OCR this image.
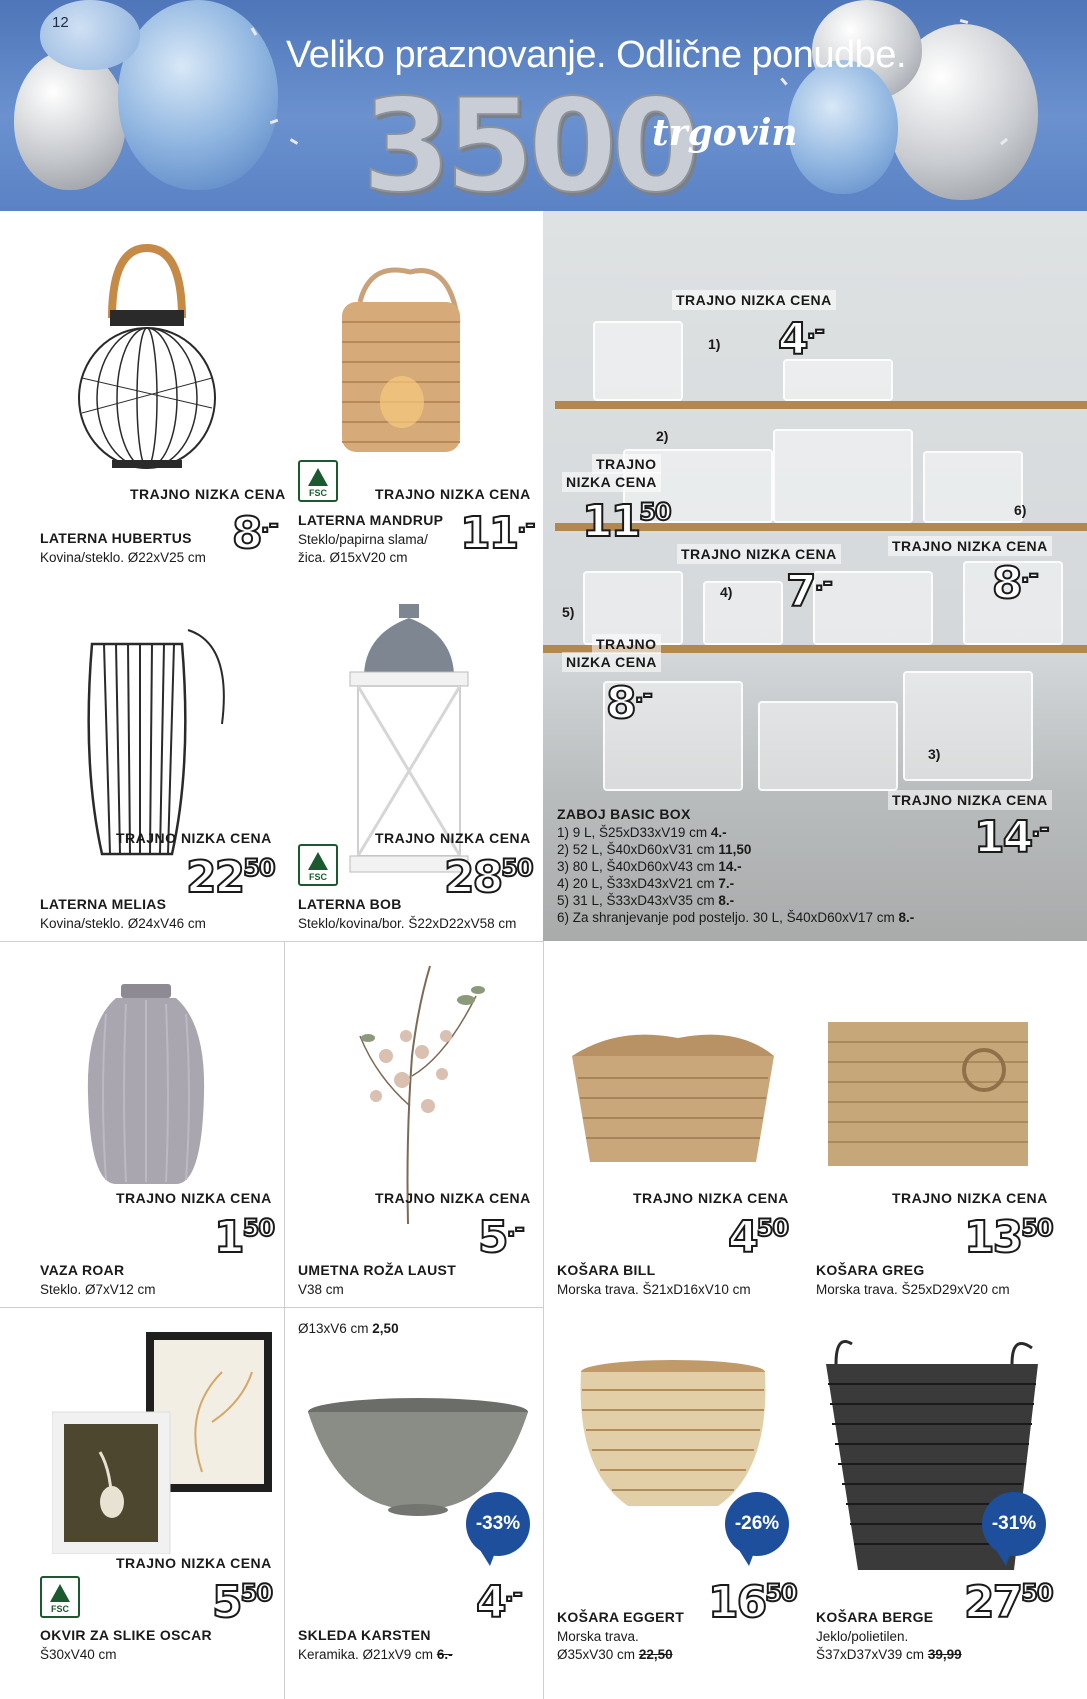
12
Veliko praznovanje. Odlične ponudbe.
3500
trgovin
TRAJNO NIZKA CENA
LATERNA HUBERTUS
Kovina/steklo. Ø22xV25 cm 8.-
FSC	TRAJNO NIZKA CENA
LATERNA MANDRUP
Steklo/papirna slama/
žica. Ø15xV20 cm 11.-
TRAJNO NIZKA CENA
LATERNA MELIAS
Kovina/steklo. Ø24xV46 cm
$22^{50}$	FSC
TRAJNO NIZKA CENA
LATERNA BOB
Steklo/kovina/bor. Š22xD22xV58 cm
$28^{50}$
TRAJNO NIZKA CENA
1) 4.-
2)
TRAJNO
NIZKA CENA
$11^{50}$	6)
TRAJNO NIZKA CENA
8.-
TRAJNO NIZKA CENA
4) 7.-
5)
TRAJNO
NIZKA CENA
8.-
3)
TRAJNO NIZKA CENA
14.-
ZABOJ BASIC BOX
1) 9 L, Š25xD33xV19 cm 4.-
2) 52 L, Š40xD60xV31 cm 11,50
3) 80 L, Š40xD60xV43 cm 14.-
4) 20 L, Š33xD43xV21 cm 7.-
5) 31 L, Š33xD43xV35 cm 8.-
6) Za shranjevanje pod posteljo. 30 L, Š40xD60xV17 cm 8.-
TRAJNO NIZKA CENA
$1^{50}$
VAZA ROAR
Steklo. Ø7xV12 cm
TRAJNO NIZKA CENA
5.-
UMETNA ROŽA LAUST
V38 cm
TRAJNO NIZKA CENA
$4^{50}$
KOŠARA BILL
Morska trava. Š21xD16xV10 cm
TRAJNO NIZKA CENA
$13^{50}$
KOŠARA GREG
Morska trava. Š25xD29xV20 cm
FSC
TRAJNO NIZKA CENA
$5^{50}$
OKVIR ZA SLIKE OSCAR
Š30xV40 cm
Ø13xV6 cm 2,50
-33%
4.-
SKLEDA KARSTEN
Keramika. Ø21xV9 cm 6.-
-26%
$16^{50}$
KOŠARA EGGERT
Morska trava.
Ø35xV30 cm 22,50
-31%
$27^{50}$
KOŠARA BERGE
Jeklo/polietilen.
Š37xD37xV39 cm 39,99
